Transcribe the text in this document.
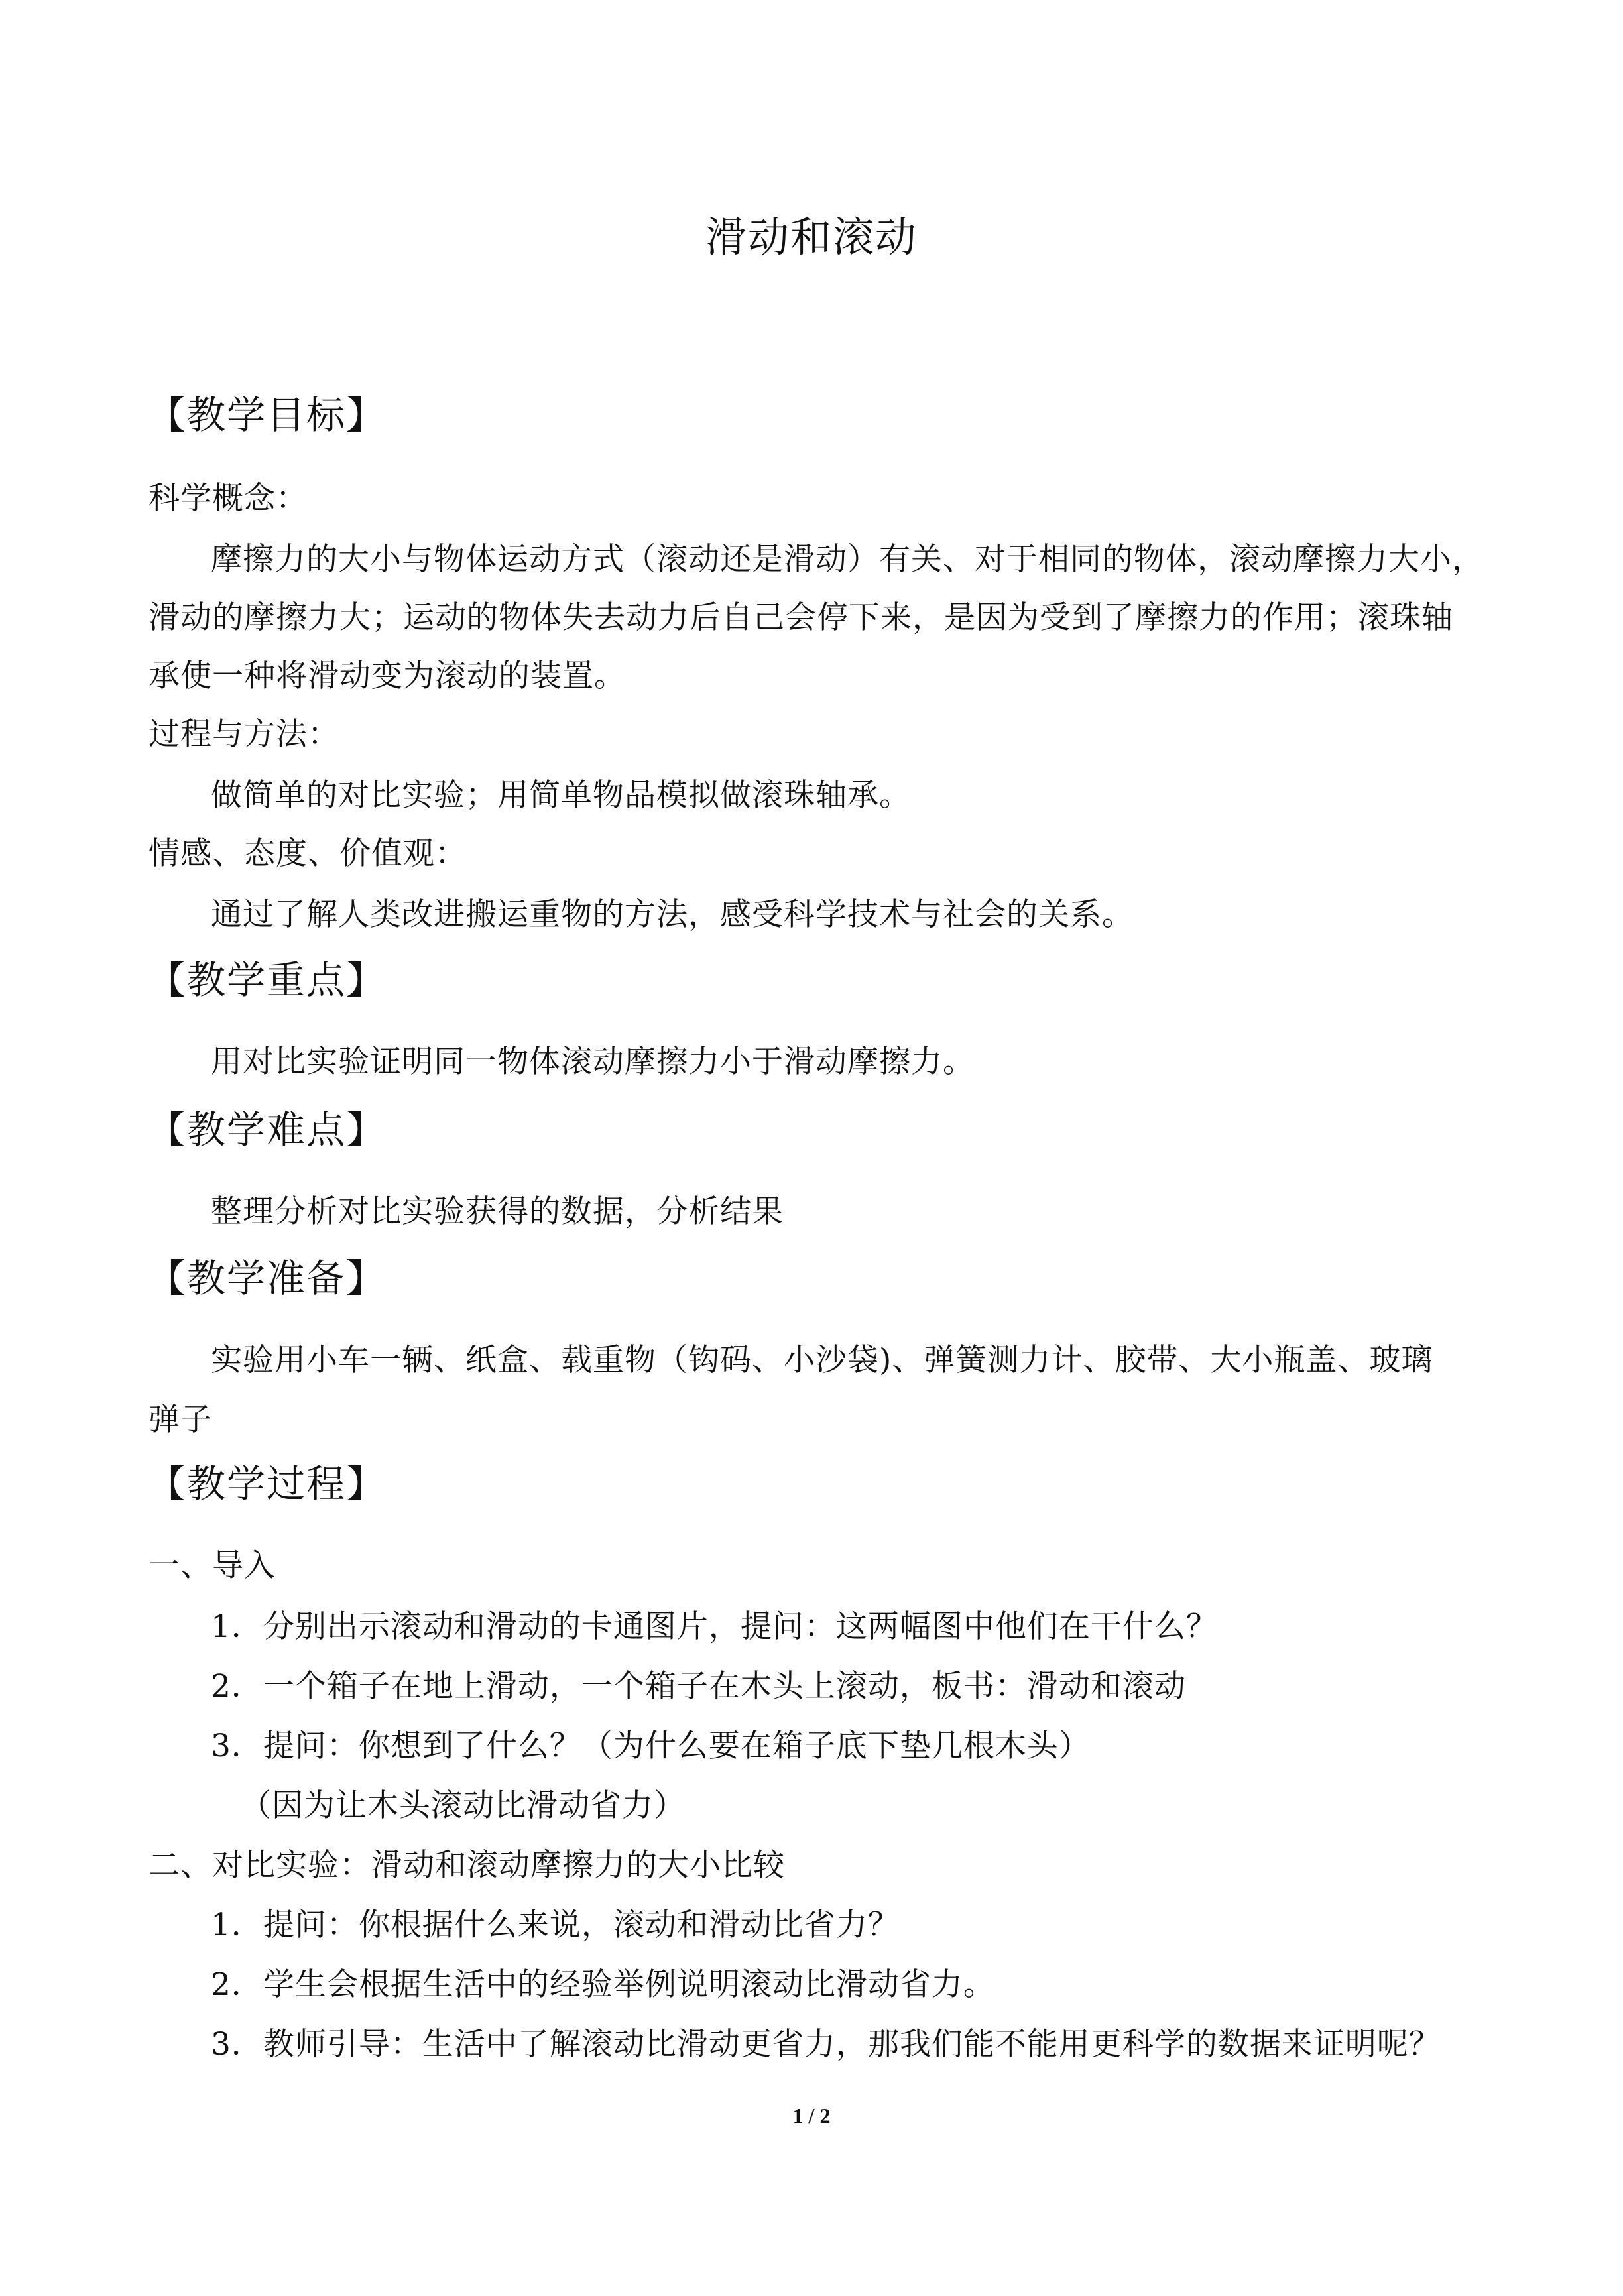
滑动和滚动
【教学目标】
科学概念：
摩擦力的大小与物体运动方式（滚动还是滑动）有关、对于相同的物体，滚动摩擦力大小，
滑动的摩擦力大；运动的物体失去动力后自己会停下来，是因为受到了摩擦力的作用；滚珠轴
承使一种将滑动变为滚动的装置。
过程与方法：
做简单的对比实验；用简单物品模拟做滚珠轴承。
情感、态度、价值观：
通过了解人类改进搬运重物的方法，感受科学技术与社会的关系。
【教学重点】
用对比实验证明同一物体滚动摩擦力小于滑动摩擦力。
【教学难点】
整理分析对比实验获得的数据，分析结果
【教学准备】
实验用小车一辆、纸盒、载重物（钩码、小沙袋)、弹簧测力计、胶带、大小瓶盖、玻璃
弹子
【教学过程】
一、导入
1．分别出示滚动和滑动的卡通图片，提问：这两幅图中他们在干什么？
2．一个箱子在地上滑动，一个箱子在木头上滚动，板书：滑动和滚动
3．提问：你想到了什么？（为什么要在箱子底下垫几根木头）
（因为让木头滚动比滑动省力）
二、对比实验：滑动和滚动摩擦力的大小比较
1．提问：你根据什么来说，滚动和滑动比省力？
2．学生会根据生活中的经验举例说明滚动比滑动省力。
3．教师引导：生活中了解滚动比滑动更省力，那我们能不能用更科学的数据来证明呢？
1 / 2
